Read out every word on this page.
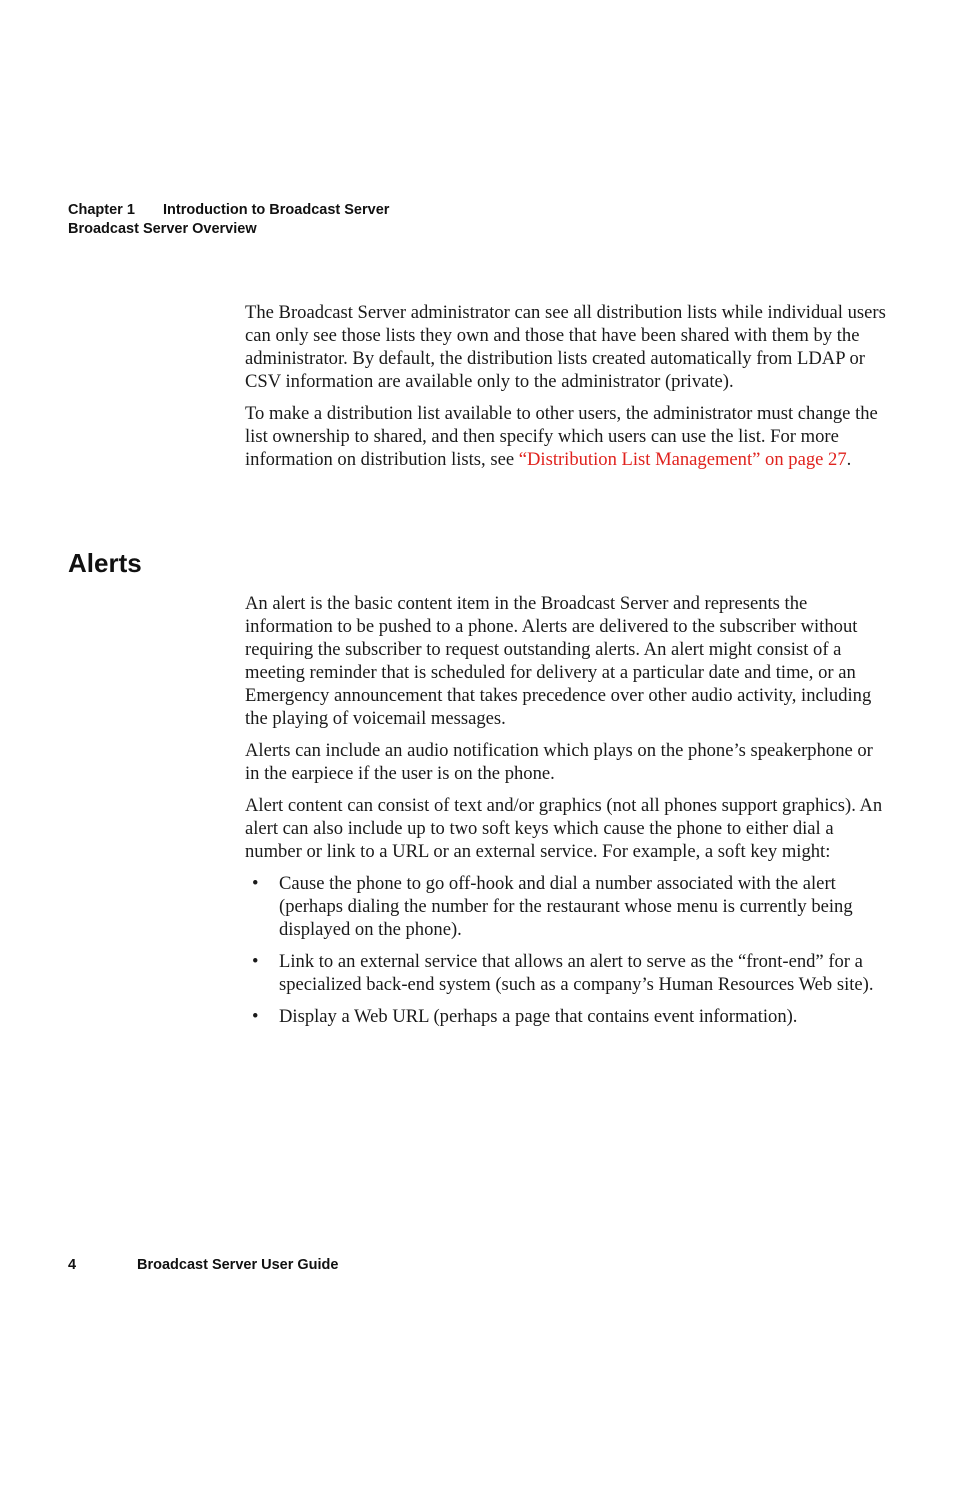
Chapter 1 Introduction to Broadcast Server
Broadcast Server Overview

The Broadcast Server administrator can see all distribution lists while individual users can only see those lists they own and those that have been shared with them by the administrator. By default, the distribution lists created automatically from LDAP or CSV information are available only to the administrator (private).

To make a distribution list available to other users, the administrator must change the list ownership to shared, and then specify which users can use the list. For more information on distribution lists, see “Distribution List Management” on page 27.

Alerts

An alert is the basic content item in the Broadcast Server and represents the information to be pushed to a phone. Alerts are delivered to the subscriber without requiring the subscriber to request outstanding alerts. An alert might consist of a meeting reminder that is scheduled for delivery at a particular date and time, or an Emergency announcement that takes precedence over other audio activity, including the playing of voicemail messages.

Alerts can include an audio notification which plays on the phone’s speakerphone or in the earpiece if the user is on the phone.

Alert content can consist of text and/or graphics (not all phones support graphics). An alert can also include up to two soft keys which cause the phone to either dial a number or link to a URL or an external service. For example, a soft key might:

• Cause the phone to go off-hook and dial a number associated with the alert (perhaps dialing the number for the restaurant whose menu is currently being displayed on the phone).
• Link to an external service that allows an alert to serve as the “front-end” for a specialized back-end system (such as a company’s Human Resources Web site).
• Display a Web URL (perhaps a page that contains event information).
4	Broadcast Server User Guide
